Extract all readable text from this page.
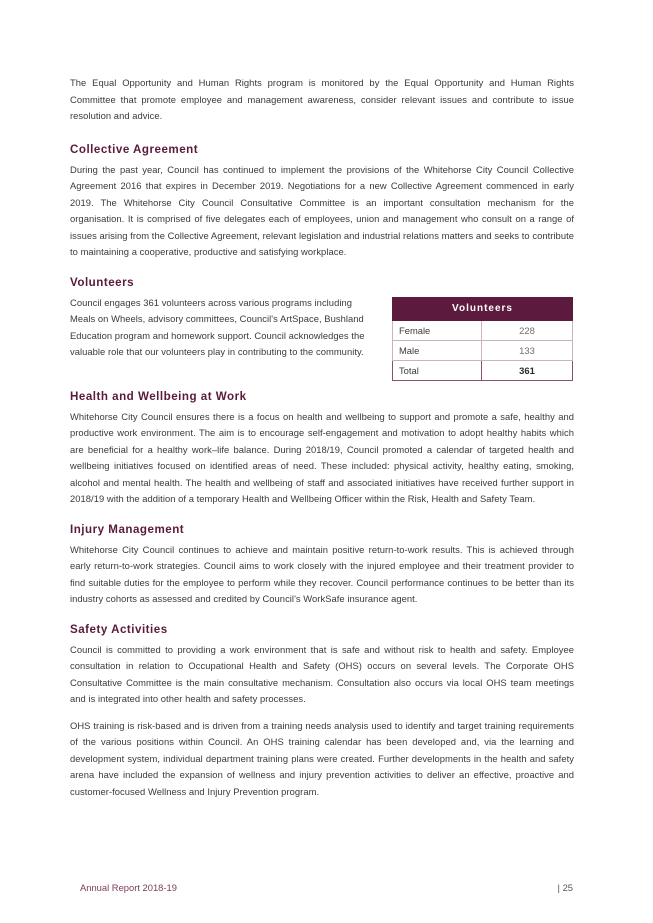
The Equal Opportunity and Human Rights program is monitored by the Equal Opportunity and Human Rights Committee that promote employee and management awareness, consider relevant issues and contribute to issue resolution and advice.

Collective Agreement

During the past year, Council has continued to implement the provisions of the Whitehorse City Council Collective Agreement 2016 that expires in December 2019. Negotiations for a new Collective Agreement commenced in early 2019. The Whitehorse City Council Consultative Committee is an important consultation mechanism for the organisation. It is comprised of five delegates each of employees, union and management who consult on a range of issues arising from the Collective Agreement, relevant legislation and industrial relations matters and seeks to contribute to maintaining a cooperative, productive and satisfying workplace.

Volunteers

Council engages 361 volunteers across various programs including Meals on Wheels, advisory committees, Council's ArtSpace, Bushland Education program and homework support. Council acknowledges the valuable role that our volunteers play in contributing to the community.

Volunteers	
Female	228
Male	133
Total	361
Health and Wellbeing at Work

Whitehorse City Council ensures there is a focus on health and wellbeing to support and promote a safe, healthy and productive work environment. The aim is to encourage self-engagement and motivation to adopt healthy habits which are beneficial for a healthy work–life balance. During 2018/19, Council promoted a calendar of targeted health and wellbeing initiatives focused on identified areas of need. These included: physical activity, healthy eating, smoking, alcohol and mental health. The health and wellbeing of staff and associated initiatives have received further support in 2018/19 with the addition of a temporary Health and Wellbeing Officer within the Risk, Health and Safety Team.

Injury Management

Whitehorse City Council continues to achieve and maintain positive return-to-work results. This is achieved through early return-to-work strategies. Council aims to work closely with the injured employee and their treatment provider to find suitable duties for the employee to perform while they recover. Council performance continues to be better than its industry cohorts as assessed and credited by Council's WorkSafe insurance agent.

Safety Activities

Council is committed to providing a work environment that is safe and without risk to health and safety. Employee consultation in relation to Occupational Health and Safety (OHS) occurs on several levels. The Corporate OHS Consultative Committee is the main consultative mechanism. Consultation also occurs via local OHS team meetings and is integrated into other health and safety processes.

OHS training is risk-based and is driven from a training needs analysis used to identify and target training requirements of the various positions within Council. An OHS training calendar has been developed and, via the learning and development system, individual department training plans were created. Further developments in the health and safety arena have included the expansion of wellness and injury prevention activities to deliver an effective, proactive and customer-focused Wellness and Injury Prevention program.

Annual Report 2018-19	| 25
